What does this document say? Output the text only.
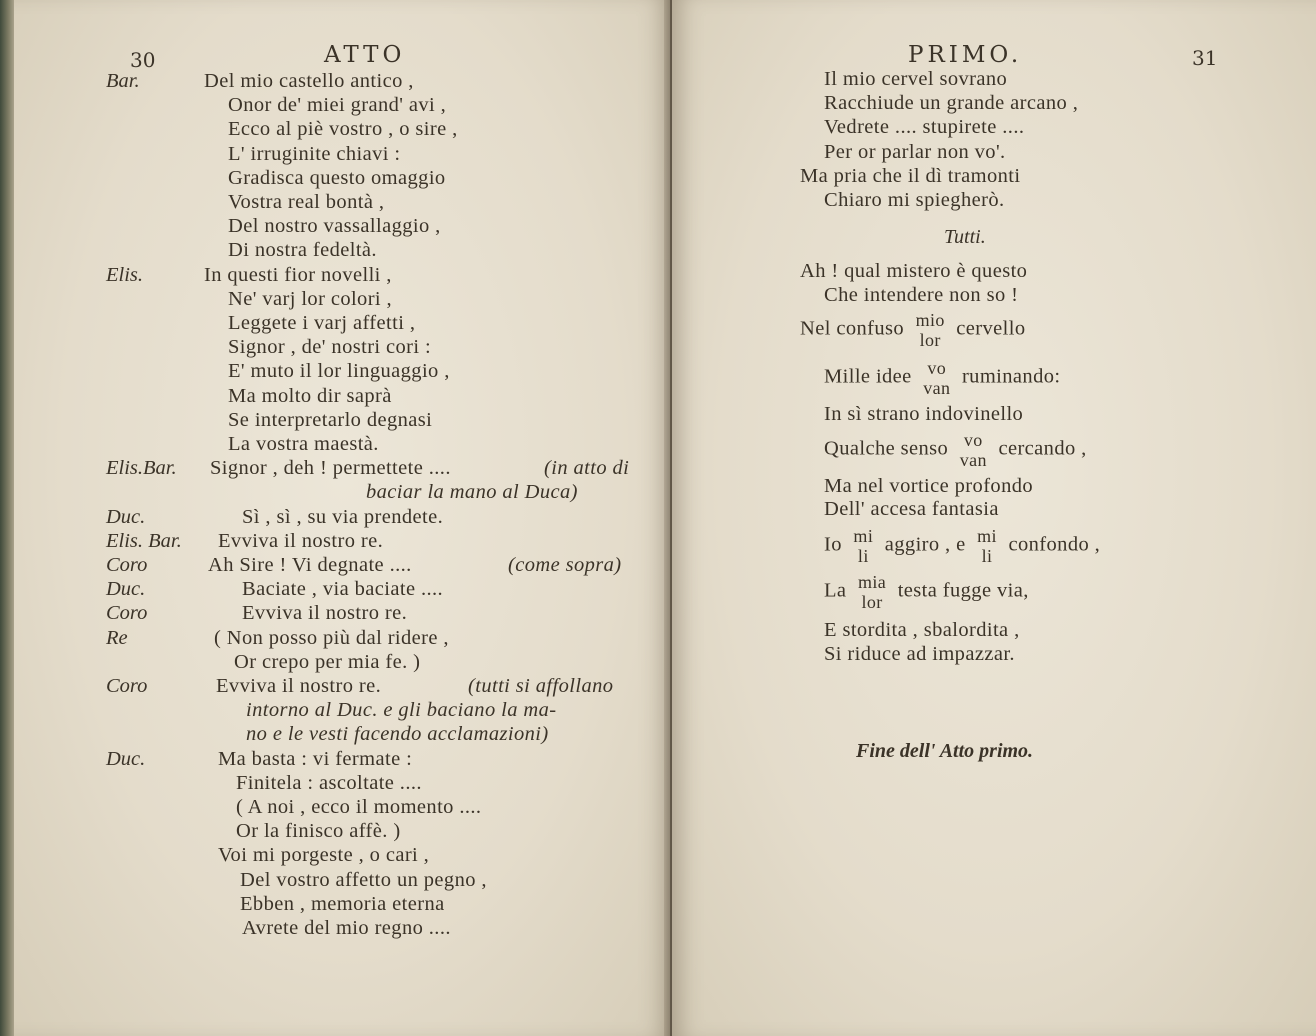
30	ATTO
Bar.	Del mio castello antico ,
Onor de' miei grand' avi ,
Ecco al piè vostro , o sire ,
L' irruginite chiavi :
Gradisca questo omaggio
Vostra real bontà ,
Del nostro vassallaggio ,
Di nostra fedeltà.
Elis.	In questi fior novelli ,
Ne' varj lor colori ,
Leggete i varj affetti ,
Signor , de' nostri cori :
E' muto il lor linguaggio ,
Ma molto dir saprà
Se interpretarlo degnasi
La vostra maestà.
Elis.Bar. Signor , deh ! permettete ....	(in atto di
baciar la mano al Duca)
Duc.	Sì , sì , su via prendete.
Elis. Bar. Evviva il nostro re.
Coro	Ah Sire ! Vi degnate ....	(come sopra)
Duc.	Baciate , via baciate ....
Coro	Evviva il nostro re.
Re	( Non posso più dal ridere ,
Or crepo per mia fe. )
Coro	Evviva il nostro re.	(tutti si affollano
intorno al Duc. e gli baciano la ma-
no e le vesti facendo acclamazioni)
Duc.	Ma basta : vi fermate :
Finitela : ascoltate ....
( A noi , ecco il momento ....
Or la finisco affè. )
Voi mi porgeste , o cari ,
Del vostro affetto un pegno ,
Ebben , memoria eterna
Avrete del mio regno ....
PRIMO.	31
Il mio cervel sovrano
Racchiude un grande arcano ,
Vedrete .... stupirete ....
Per or parlar non vo'.
Ma pria che il dì tramonti
Chiaro mi spiegherò.
Tutti.
Ah ! qual mistero è questo
Che intendere non so !
Nel confuso mio
lor
cervello
Mille idee vo
van
ruminando:
In sì strano indovinello
Qualche senso vo
van
cercando ,
Ma nel vortice profondo
Dell' accesa fantasia
Io mi
li
aggiro , e mi
li
confondo ,
La mia
lor
testa fugge via,
E stordita , sbalordita ,
Si riduce ad impazzar.
Fine dell' Atto primo.
